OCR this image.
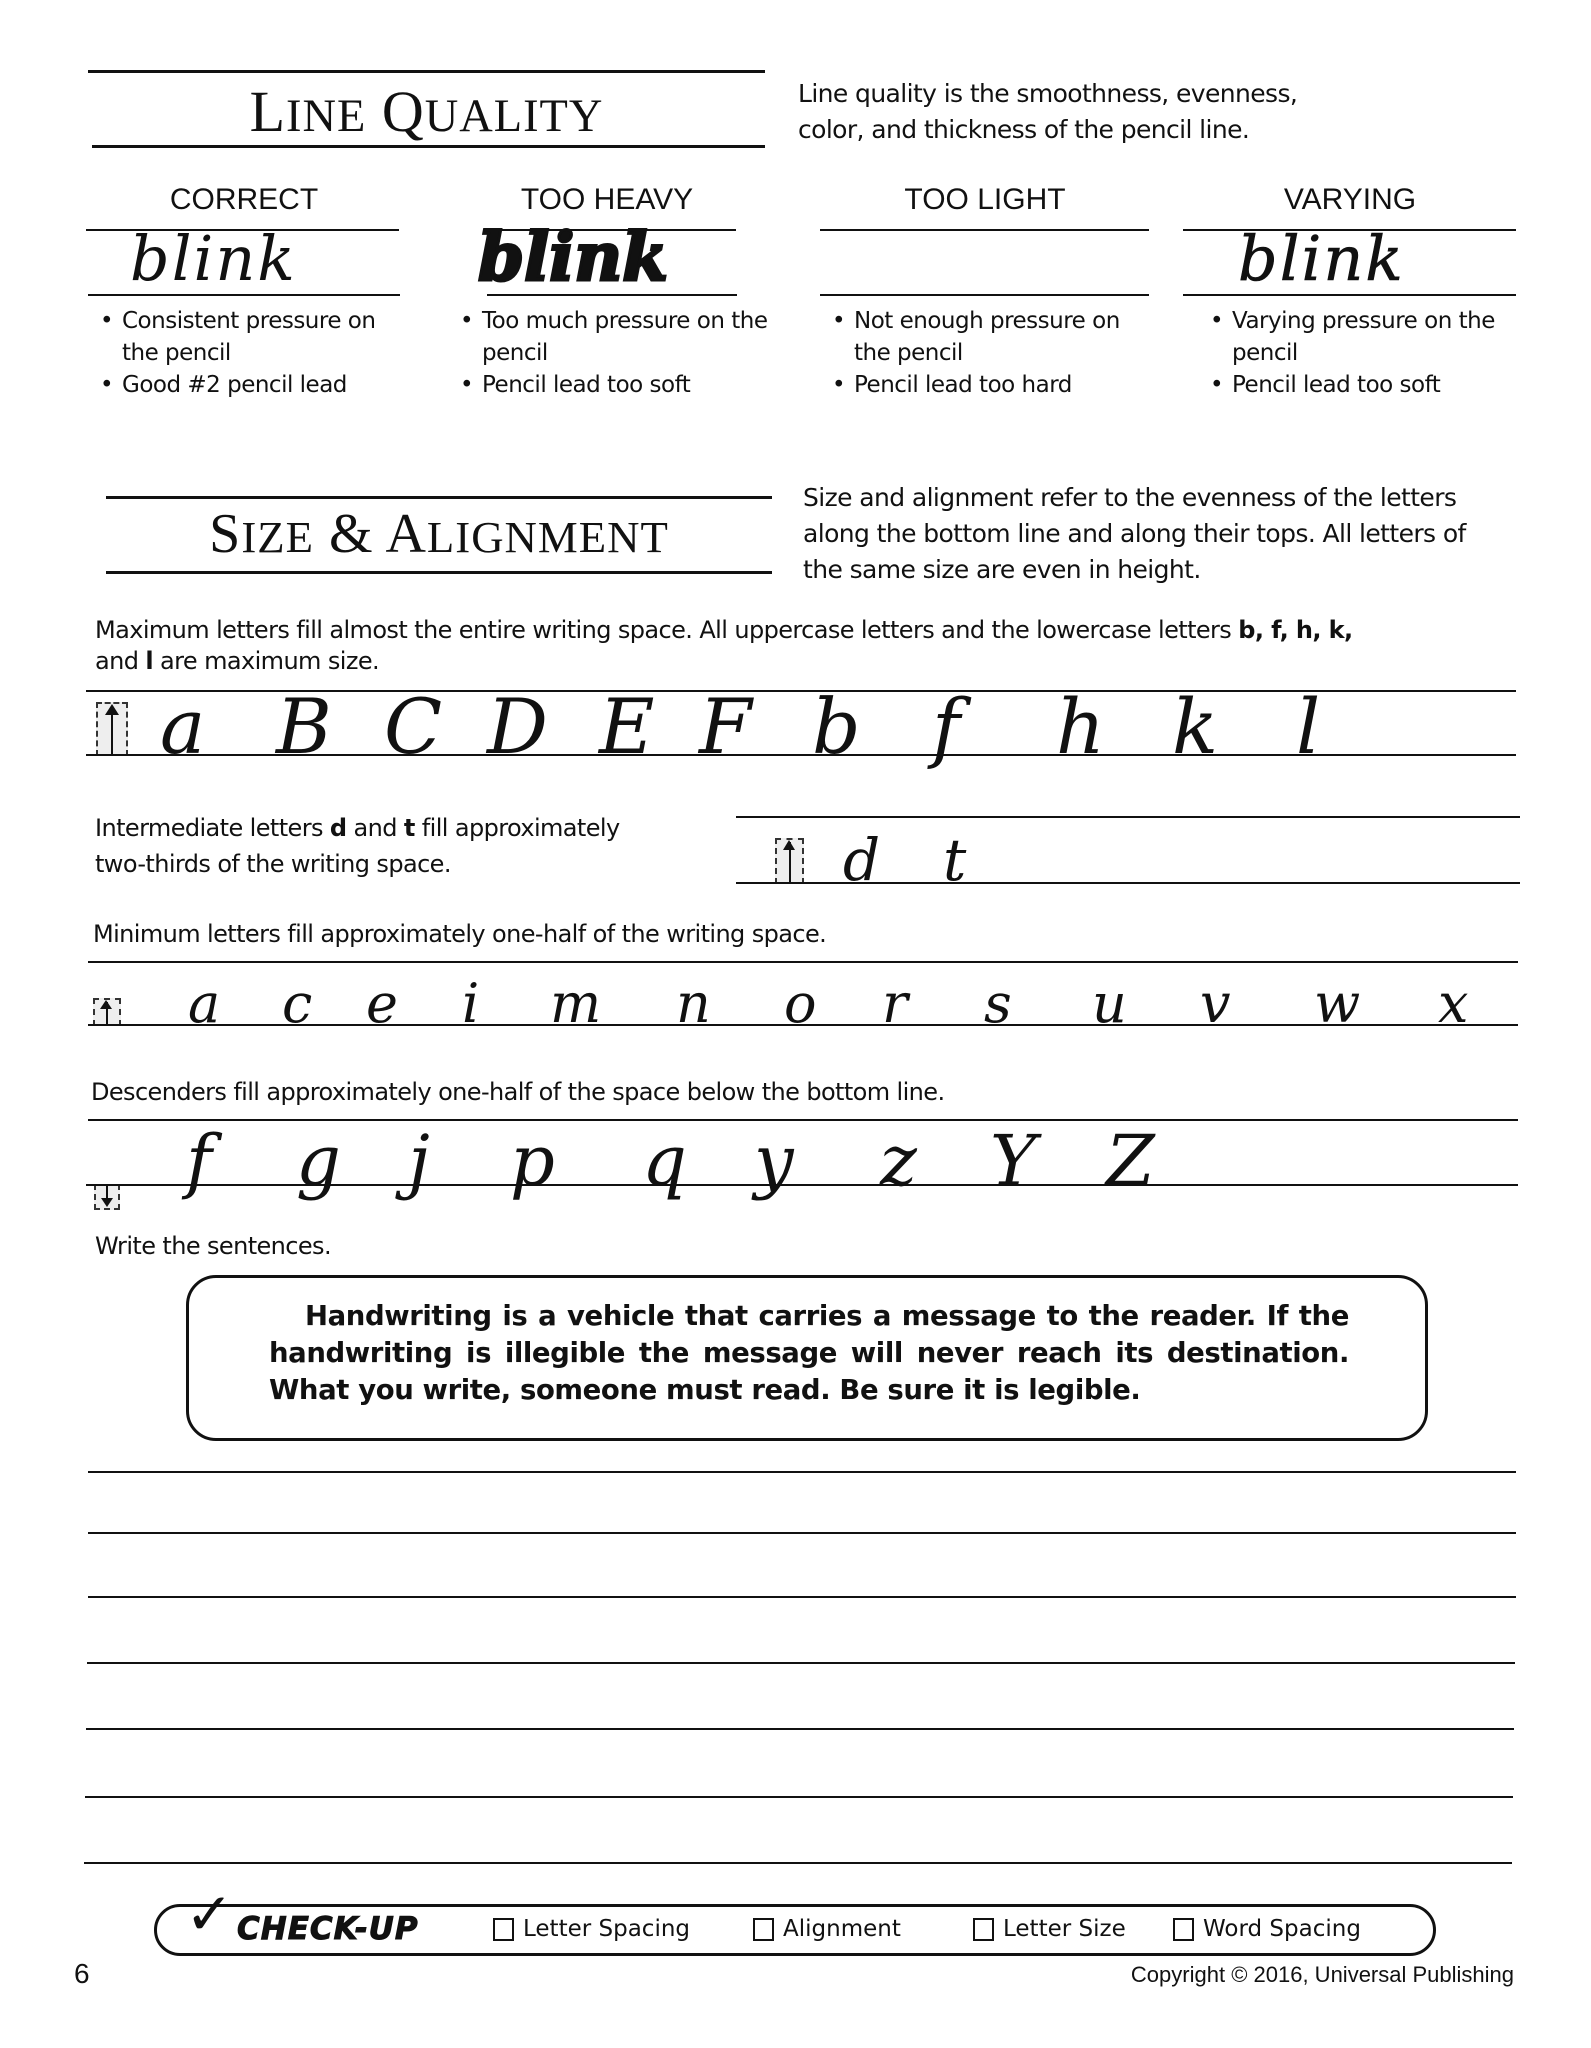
LINE QUALITY	Line quality is the smoothness, evenness,
color, and thickness of the pencil line.
CORRECT
blink
• Consistent pressure on the pencil
• Good #2 pencil lead
TOO HEAVY
blink
• Too much pressure on the pencil
• Pencil lead too soft
TOO LIGHT
• Not enough pressure on the pencil
• Pencil lead too hard
VARYING
blink
• Varying pressure on the pencil
• Pencil lead too soft
SIZE & ALIGNMENT
Size and alignment refer to the evenness of the letters
along the bottom line and along their tops. All letters of
the same size are even in height.
Maximum letters fill almost the entire writing space. All uppercase letters and the lowercase letters b, f, h, k,
and l are maximum size.
a B C D E F b f	h k	l
Intermediate letters d and t fill approximately
two-thirds of the writing space.	d	t
Minimum letters fill approximately one-half of the writing space.
a	c e	i	m	n	o	r	s	u	v	w	x
Descenders fill approximately one-half of the space below the bottom line.
f	g j	p	q y	z	Y Z
Write the sentences.
Handwriting is a vehicle that carries a message to the reader. If the handwriting is illegible the message will never reach its destination. What you write, someone must read. Be sure it is legible.
✓ CHECK-UP	Letter Spacing	Alignment	Letter Size	Word Spacing
6	Copyright © 2016, Universal Publishing
